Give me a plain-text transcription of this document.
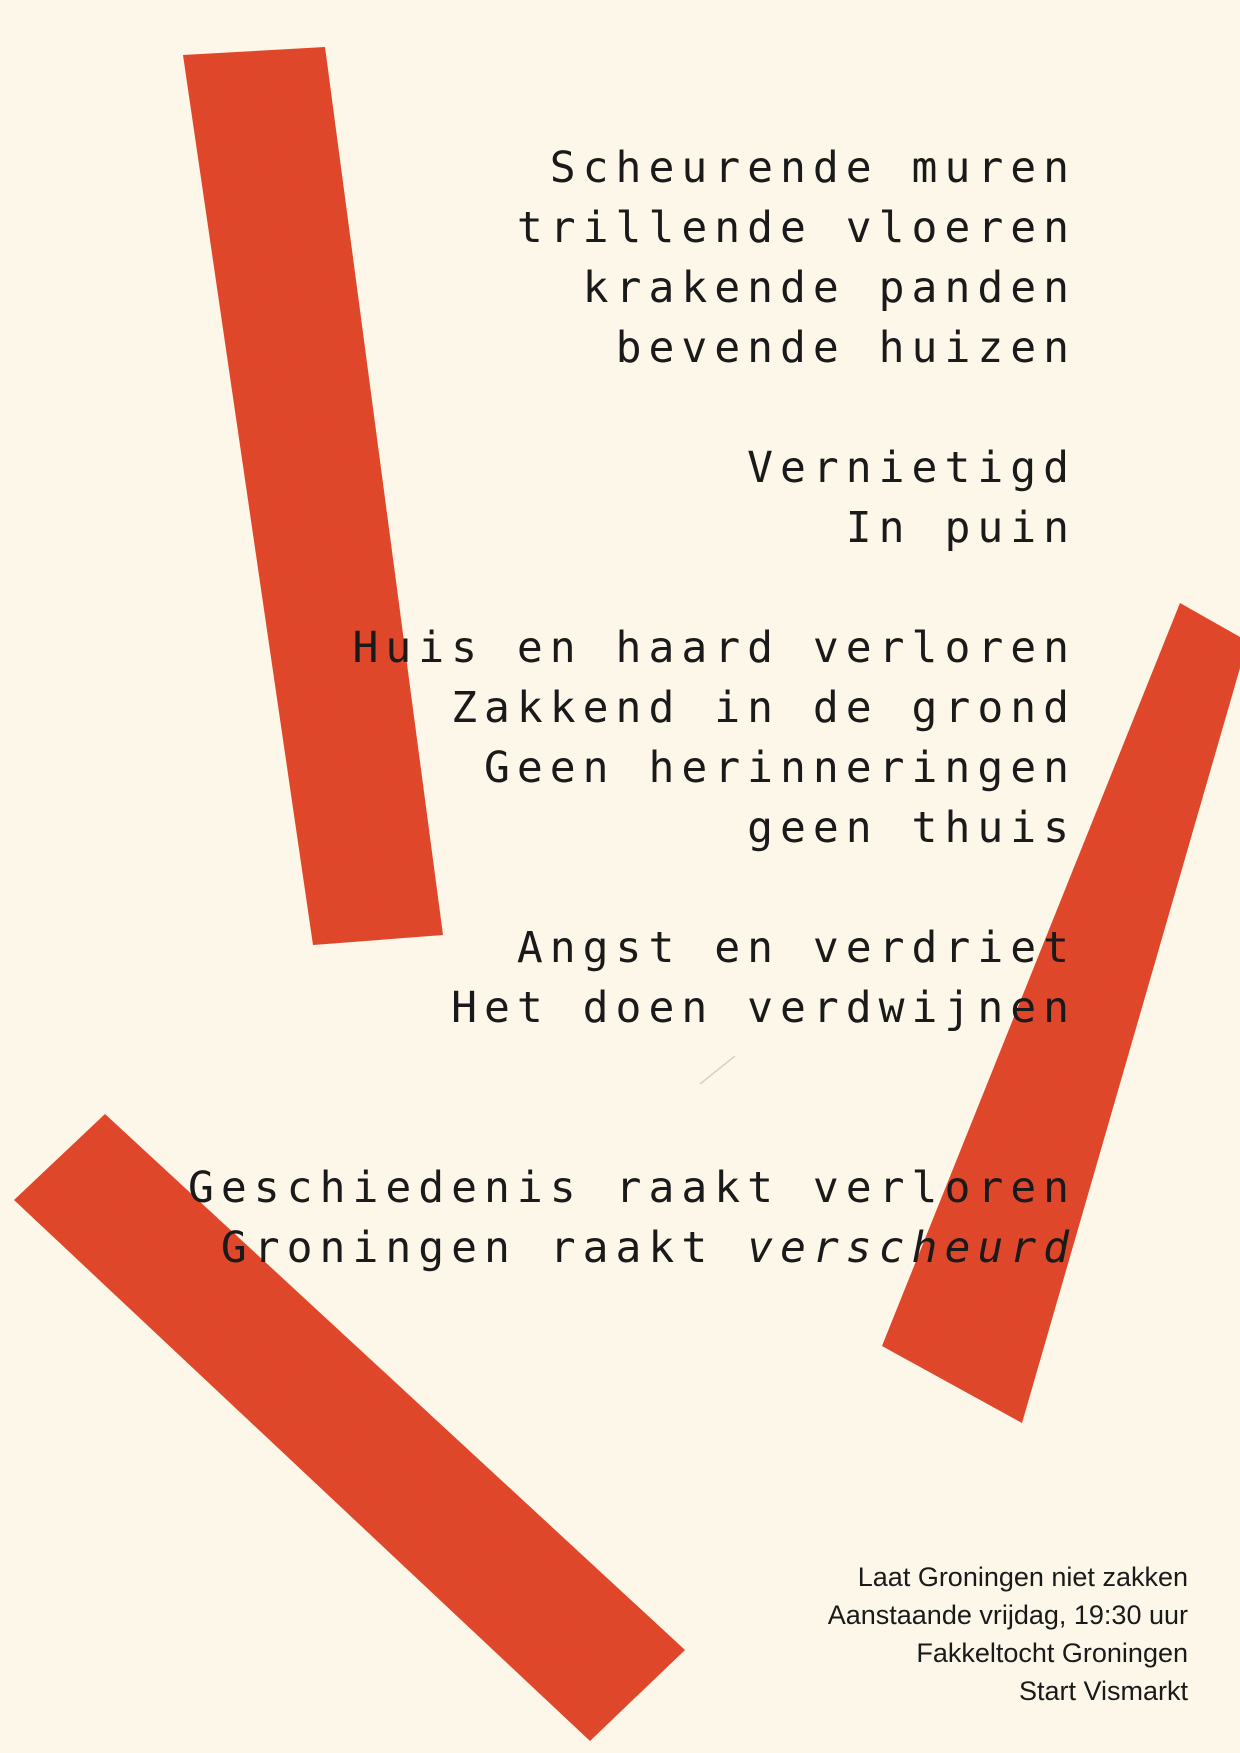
Scheurende muren
trillende vloeren
krakende panden
bevende huizen
Vernietigd
In puin
Huis en haard verloren
Zakkend in de grond
Geen herinneringen
geen thuis
Angst en verdriet
Het doen verdwijnen
Geschiedenis raakt verloren
Groningen raakt verscheurd
Laat Groningen niet zakken
Aanstaande vrijdag, 19:30 uur
Fakkeltocht Groningen
Start Vismarkt
